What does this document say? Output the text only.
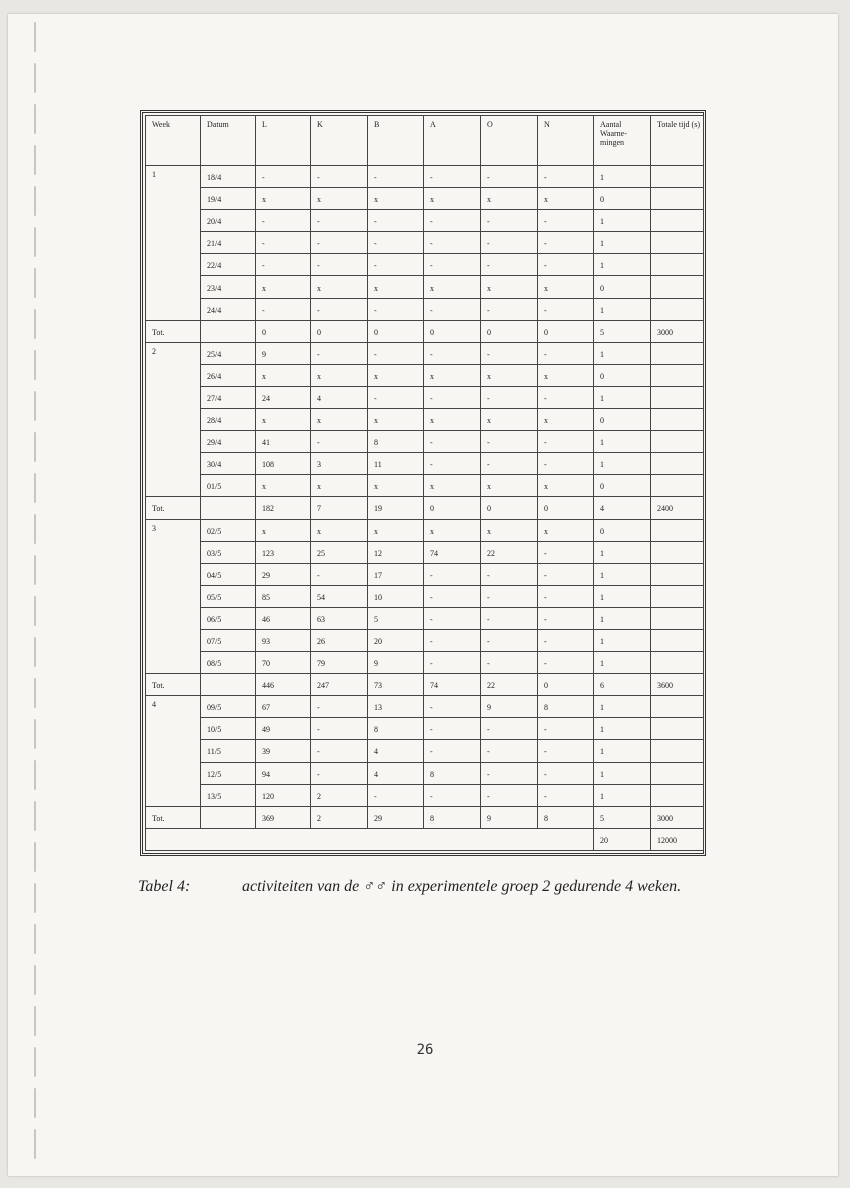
Week	Datum	L	K	B	A	O	N	Aantal Waarne-mingen	Totale tijd (s)
1	18/4	-	-	-	-	-	-	1	
	19/4	x	x	x	x	x	x	0	
	20/4	-	-	-	-	-	-	1	
	21/4	-	-	-	-	-	-	1	
	22/4	-	-	-	-	-	-	1	
	23/4	x	x	x	x	x	x	0	
	24/4	-	-	-	-	-	-	1	
Tot.		0	0	0	0	0	0	5	3000
2	25/4	9	-	-	-	-	-	1	
	26/4	x	x	x	x	x	x	0	
	27/4	24	4	-	-	-	-	1	
	28/4	x	x	x	x	x	x	0	
	29/4	41	-	8	-	-	-	1	
	30/4	108	3	11	-	-	-	1	
	01/5	x	x	x	x	x	x	0	
Tot.		182	7	19	0	0	0	4	2400
3	02/5	x	x	x	x	x	x	0	
	03/5	123	25	12	74	22	-	1	
	04/5	29	-	17	-	-	-	1	
	05/5	85	54	10	-	-	-	1	
	06/5	46	63	5	-	-	-	1	
	07/5	93	26	20	-	-	-	1	
	08/5	70	79	9	-	-	-	1	
Tot.		446	247	73	74	22	0	6	3600
4	09/5	67	-	13	-	9	8	1	
	10/5	49	-	8	-	-	-	1	
	11/5	39	-	4	-	-	-	1	
	12/5	94	-	4	8	-	-	1	
	13/5	120	2	-	-	-	-	1	
Tot.		369	2	29	8	9	8	5	3000
								20	12000
Tabel 4:	activiteiten van de ♂♂ in experimentele groep 2 gedurende 4 weken.
26
